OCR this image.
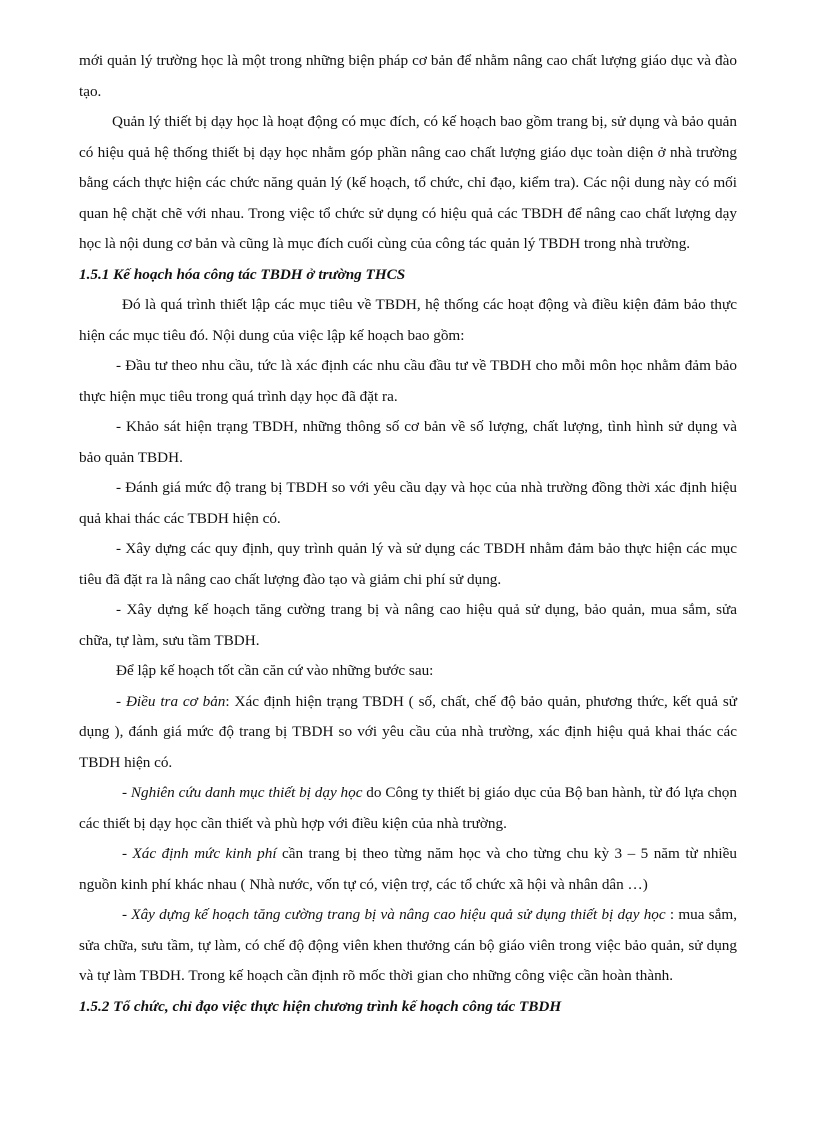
mới quản lý trường học là một trong những biện pháp cơ bản để nhằm nâng cao chất lượng giáo dục và đào tạo.

Quản lý thiết bị dạy học là hoạt động có mục đích, có kế hoạch bao gồm trang bị, sử dụng và bảo quản có hiệu quả hệ thống thiết bị dạy học nhằm góp phần nâng cao chất lượng giáo dục toàn diện ở nhà trường bằng cách thực hiện các chức năng quản lý (kế hoạch, tổ chức, chỉ đạo, kiểm tra). Các nội dung này có mối quan hệ chặt chẽ với nhau. Trong việc tổ chức sử dụng có hiệu quả các TBDH để nâng cao chất lượng dạy học là nội dung cơ bản và cũng là mục đích cuối cùng của công tác quản lý TBDH trong nhà trường.

1.5.1 Kế hoạch hóa công tác TBDH ở trường THCS

Đó là quá trình thiết lập các mục tiêu về TBDH, hệ thống các hoạt động và điều kiện đảm bảo thực hiện các mục tiêu đó. Nội dung của việc lập kế hoạch bao gồm:

- Đầu tư theo nhu cầu, tức là xác định các nhu cầu đầu tư về TBDH cho mỗi môn học nhằm đảm bảo thực hiện mục tiêu trong quá trình dạy học đã đặt ra.

- Khảo sát hiện trạng TBDH, những thông số cơ bản về số lượng, chất lượng, tình hình sử dụng và bảo quản TBDH.

- Đánh giá mức độ trang bị TBDH so với yêu cầu dạy và học của nhà trường đồng thời xác định hiệu quả khai thác các TBDH hiện có.

- Xây dựng các quy định, quy trình quản lý và sử dụng các TBDH nhằm đảm bảo thực hiện các mục tiêu đã đặt ra là nâng cao chất lượng đào tạo và giảm chi phí sử dụng.

- Xây dựng kế hoạch tăng cường trang bị và nâng cao hiệu quả sử dụng, bảo quản, mua sắm, sửa chữa, tự làm, sưu tầm TBDH.

Để lập kế hoạch tốt cần căn cứ vào những bước sau:

- Điều tra cơ bản: Xác định hiện trạng TBDH ( số, chất, chế độ bảo quản, phương thức, kết quả sử dụng ), đánh giá mức độ trang bị TBDH so với yêu cầu của nhà trường, xác định hiệu quả khai thác các TBDH hiện có.

- Nghiên cứu danh mục thiết bị dạy học do Công ty thiết bị giáo dục của Bộ ban hành, từ đó lựa chọn các thiết bị dạy học cần thiết và phù hợp với điều kiện của nhà trường.

- Xác định mức kinh phí cần trang bị theo từng năm học và cho từng chu kỳ 3 – 5 năm từ nhiều nguồn kinh phí khác nhau ( Nhà nước, vốn tự có, viện trợ, các tổ chức xã hội và nhân dân …)

- Xây dựng kế hoạch tăng cường trang bị và nâng cao hiệu quả sử dụng thiết bị dạy học : mua sắm, sửa chữa, sưu tầm, tự làm, có chế độ động viên khen thưởng cán bộ giáo viên trong việc bảo quản, sử dụng và tự làm TBDH. Trong kế hoạch cần định rõ mốc thời gian cho những công việc cần hoàn thành.

1.5.2 Tổ chức, chỉ đạo việc thực hiện chương trình kế hoạch công tác TBDH
